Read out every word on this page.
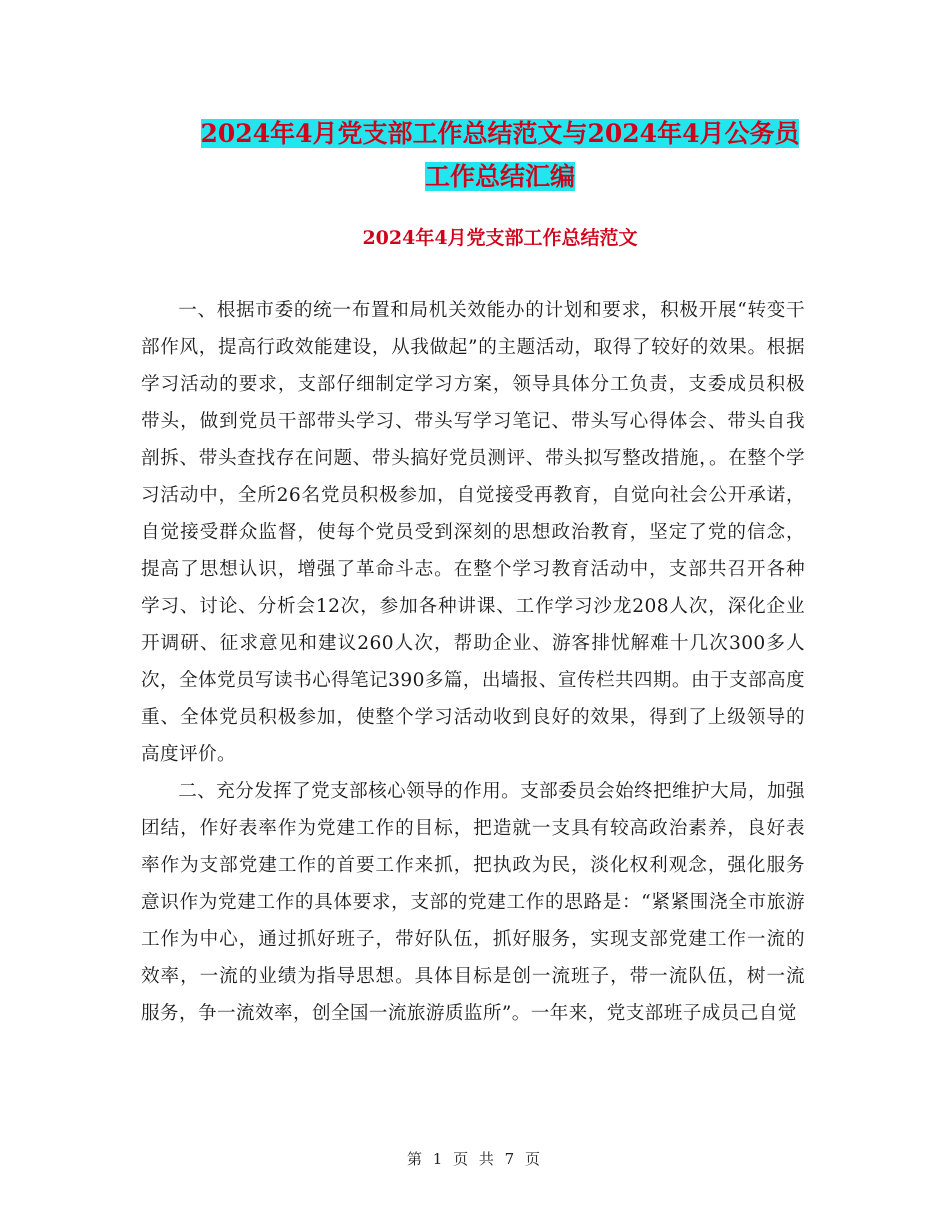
2024年4月党支部工作总结范文与2024年4月公务员
工作总结汇编
2024年4月党支部工作总结范文

一、根据市委的统一布置和局机关效能办的计划和要求，积极开展“转变干部作风，提高行政效能建设，从我做起”的主题活动，取得了较好的效果。根据学习活动的要求，支部仔细制定学习方案，领导具体分工负责，支委成员积极带头，做到党员干部带头学习、带头写学习笔记、带头写心得体会、带头自我剖拆、带头查找存在问题、带头搞好党员测评、带头拟写整改措施，。在整个学习活动中，全所26名党员积极参加，自觉接受再教育，自觉向社会公开承诺，自觉接受群众监督，使每个党员受到深刻的思想政治教育，坚定了党的信念，提高了思想认识，增强了革命斗志。在整个学习教育活动中，支部共召开各种学习、讨论、分析会12次，参加各种讲课、工作学习沙龙208人次，深化企业开调研、征求意见和建议260人次，帮助企业、游客排忧解难十几次300多人次，全体党员写读书心得笔记390多篇，出墙报、宣传栏共四期。由于支部高度重、全体党员积极参加，使整个学习活动收到良好的效果，得到了上级领导的高度评价。

二、充分发挥了党支部核心领导的作用。支部委员会始终把维护大局，加强团结，作好表率作为党建工作的目标，把造就一支具有较高政治素养，良好表率作为支部党建工作的首要工作来抓，把执政为民，淡化权利观念，强化服务意识作为党建工作的具体要求，支部的党建工作的思路是：“紧紧围浇全市旅游工作为中心，通过抓好班子，带好队伍，抓好服务，实现支部党建工作一流的效率，一流的业绩为指导思想。具体目标是创一流班子，带一流队伍，树一流服务，争一流效率，创全国一流旅游质监所”。一年来，党支部班子成员己自觉

第 1 页 共 7 页
